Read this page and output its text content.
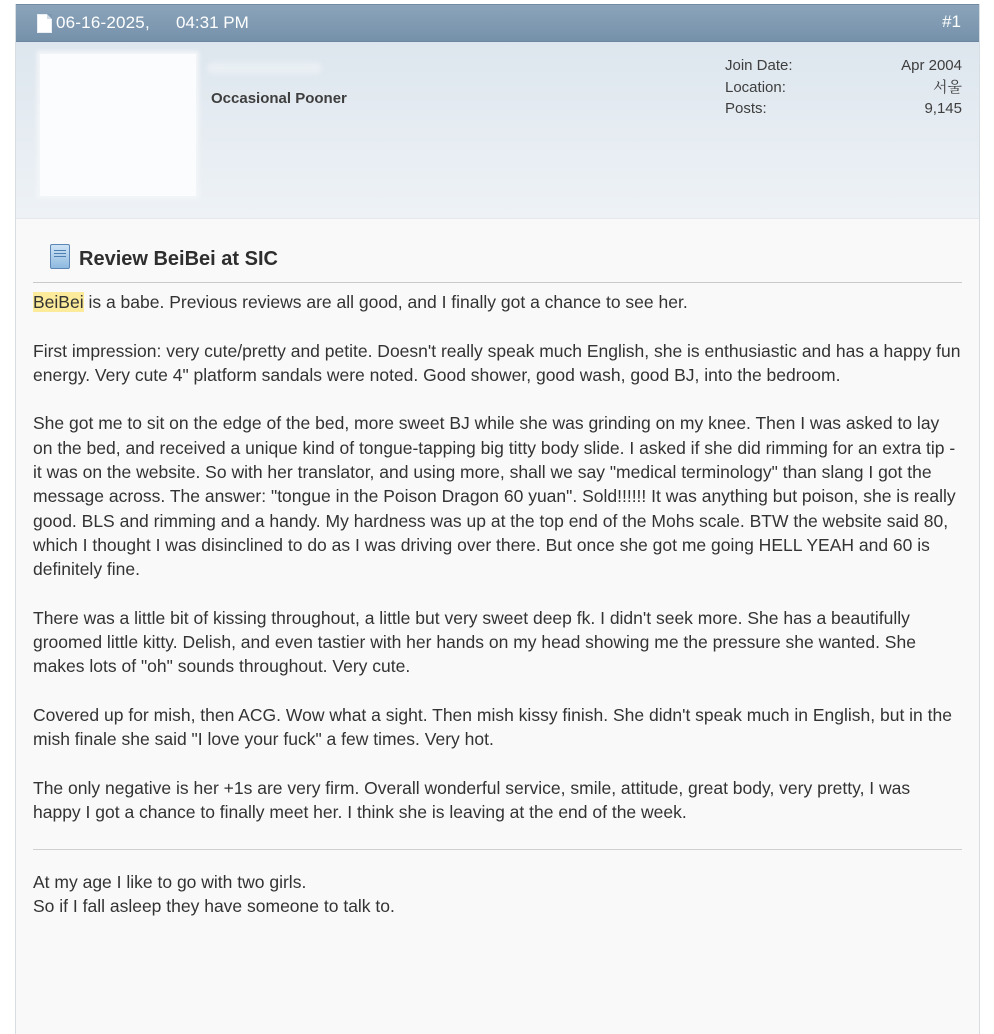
06-16-2025, 04:31 PM	#1
Occasional Pooner
Join Date:	Apr 2004
Location:	서울
Posts:	9,145
Review BeiBei at SIC

BeiBei is a babe. Previous reviews are all good, and I finally got a chance to see her.

First impression: very cute/pretty and petite. Doesn't really speak much English, she is enthusiastic and has a happy fun energy. Very cute 4" platform sandals were noted. Good shower, good wash, good BJ, into the bedroom.

She got me to sit on the edge of the bed, more sweet BJ while she was grinding on my knee. Then I was asked to lay on the bed, and received a unique kind of tongue-tapping big titty body slide. I asked if she did rimming for an extra tip - it was on the website. So with her translator, and using more, shall we say "medical terminology" than slang I got the message across. The answer: "tongue in the Poison Dragon 60 yuan". Sold!!!!!! It was anything but poison, she is really good. BLS and rimming and a handy. My hardness was up at the top end of the Mohs scale. BTW the website said 80, which I thought I was disinclined to do as I was driving over there. But once she got me going HELL YEAH and 60 is definitely fine.

There was a little bit of kissing throughout, a little but very sweet deep fk. I didn't seek more. She has a beautifully groomed little kitty. Delish, and even tastier with her hands on my head showing me the pressure she wanted. She makes lots of "oh" sounds throughout. Very cute.

Covered up for mish, then ACG. Wow what a sight. Then mish kissy finish. She didn't speak much in English, but in the mish finale she said "I love your fuck" a few times. Very hot.

The only negative is her +1s are very firm. Overall wonderful service, smile, attitude, great body, very pretty, I was happy I got a chance to finally meet her. I think she is leaving at the end of the week.

At my age I like to go with two girls.
So if I fall asleep they have someone to talk to.
